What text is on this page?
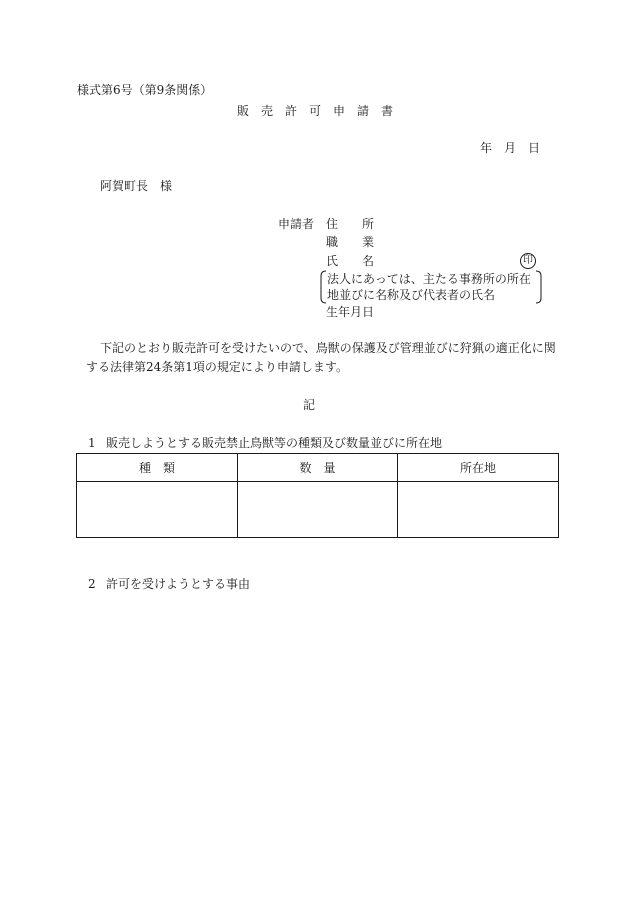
様式第6号（第9条関係）
販　売　許　可　申　請　書
年　月　日
阿賀町長　様
申請者 住　　所
職　　業
氏　　名	印
法人にあっては、主たる事務所の所在
地並びに名称及び代表者の氏名
生年月日
下記のとおり販売許可を受けたいので、鳥獣の保護及び管理並びに狩猟の適正化に関
する法律第24条第1項の規定により申請します。
記
1 販売しようとする販売禁止鳥獣等の種類及び数量並びに所在地
種　類	数　量	所在地

2 許可を受けようとする事由
